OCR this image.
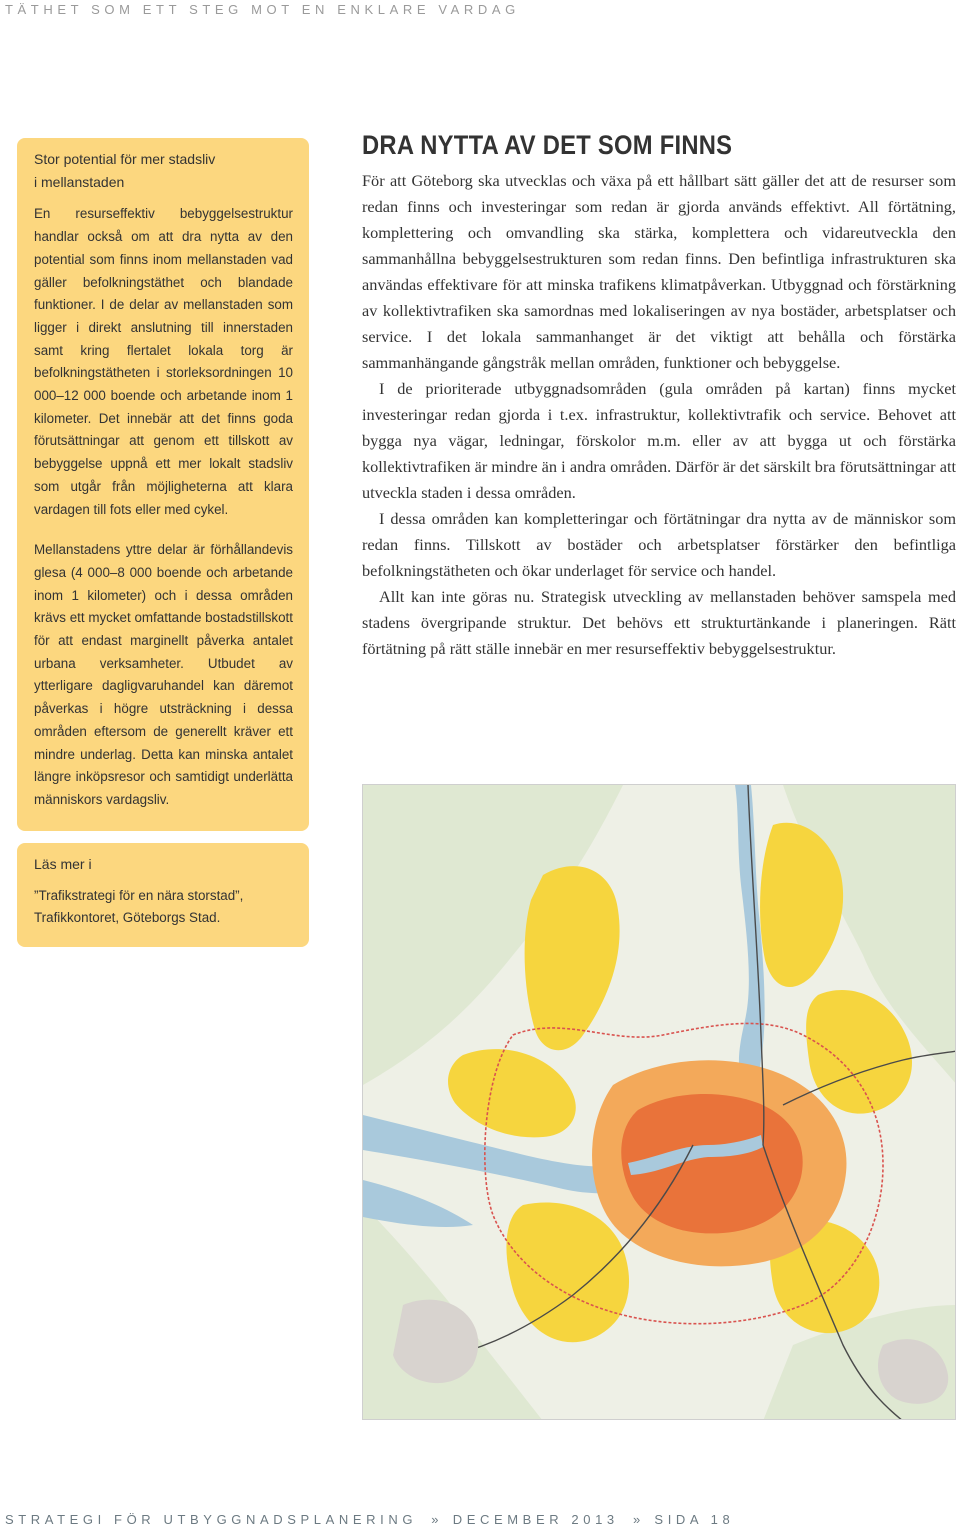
TÄTHET SOM ETT STEG MOT EN ENKLARE VARDAG
Stor potential för mer stadsliv
i mellanstaden

En resurseffektiv bebyggelsestruktur handlar också om att dra nytta av den potential som finns inom mellanstaden vad gäller befolkningstäthet och blandade funktioner. I de delar av mellanstaden som ligger i direkt anslutning till innerstaden samt kring flertalet lokala torg är befolkningstätheten i storleksordningen 10 000–12 000 boende och arbetande inom 1 kilometer. Det innebär att det finns goda förutsättningar att genom ett tillskott av bebyggelse uppnå ett mer lokalt stadsliv som utgår från möjligheterna att klara vardagen till fots eller med cykel.

Mellanstadens yttre delar är förhållandevis glesa (4 000–8 000 boende och arbetande inom 1 kilometer) och i dessa områden krävs ett mycket omfattande bostadstillskott för att endast marginellt påverka antalet urbana verksamheter. Utbudet av ytterligare dagligvaruhandel kan däremot påverkas i högre utsträckning i dessa områden eftersom de generellt kräver ett mindre underlag. Detta kan minska antalet längre inköpsresor och samtidigt underlätta människors vardagsliv.

Läs mer i

”Trafikstrategi för en nära storstad”, Trafikkontoret, Göteborgs Stad.

DRA NYTTA AV DET SOM FINNS

För att Göteborg ska utvecklas och växa på ett hållbart sätt gäller det att de resurser som redan finns och investeringar som redan är gjorda används effektivt. All förtätning, komplettering och omvandling ska stärka, komplettera och vidareutveckla den sammanhållna bebyggelsestrukturen som redan finns. Den befintliga infrastrukturen ska användas effektivare för att minska trafikens klimatpåverkan. Utbyggnad och förstärkning av kollektivtrafiken ska samordnas med lokaliseringen av nya bostäder, arbetsplatser och service. I det lokala sammanhanget är det viktigt att behålla och förstärka sammanhängande gångstråk mellan områden, funktioner och bebyggelse.

I de prioriterade utbyggnadsområden (gula områden på kartan) finns mycket investeringar redan gjorda i t.ex. infrastruktur, kollektivtrafik och service. Behovet att bygga nya vägar, ledningar, förskolor m.m. eller av att bygga ut och förstärka kollektivtrafiken är mindre än i andra områden. Därför är det särskilt bra förutsättningar att utveckla staden i dessa områden.

I dessa områden kan kompletteringar och förtätningar dra nytta av de människor som redan finns. Tillskott av bostäder och arbetsplatser förstärker den befintliga befolkningstätheten och ökar underlaget för service och handel.

Allt kan inte göras nu. Strategisk utveckling av mellanstaden behöver samspela med stadens övergripande struktur. Det behövs ett strukturtänkande i planeringen. Rätt förtätning på rätt ställe innebär en mer resurseffektiv bebyggelsestruktur.

STRATEGI FÖR UTBYGGNADSPLANERING » DECEMBER 2013 » SIDA 18
